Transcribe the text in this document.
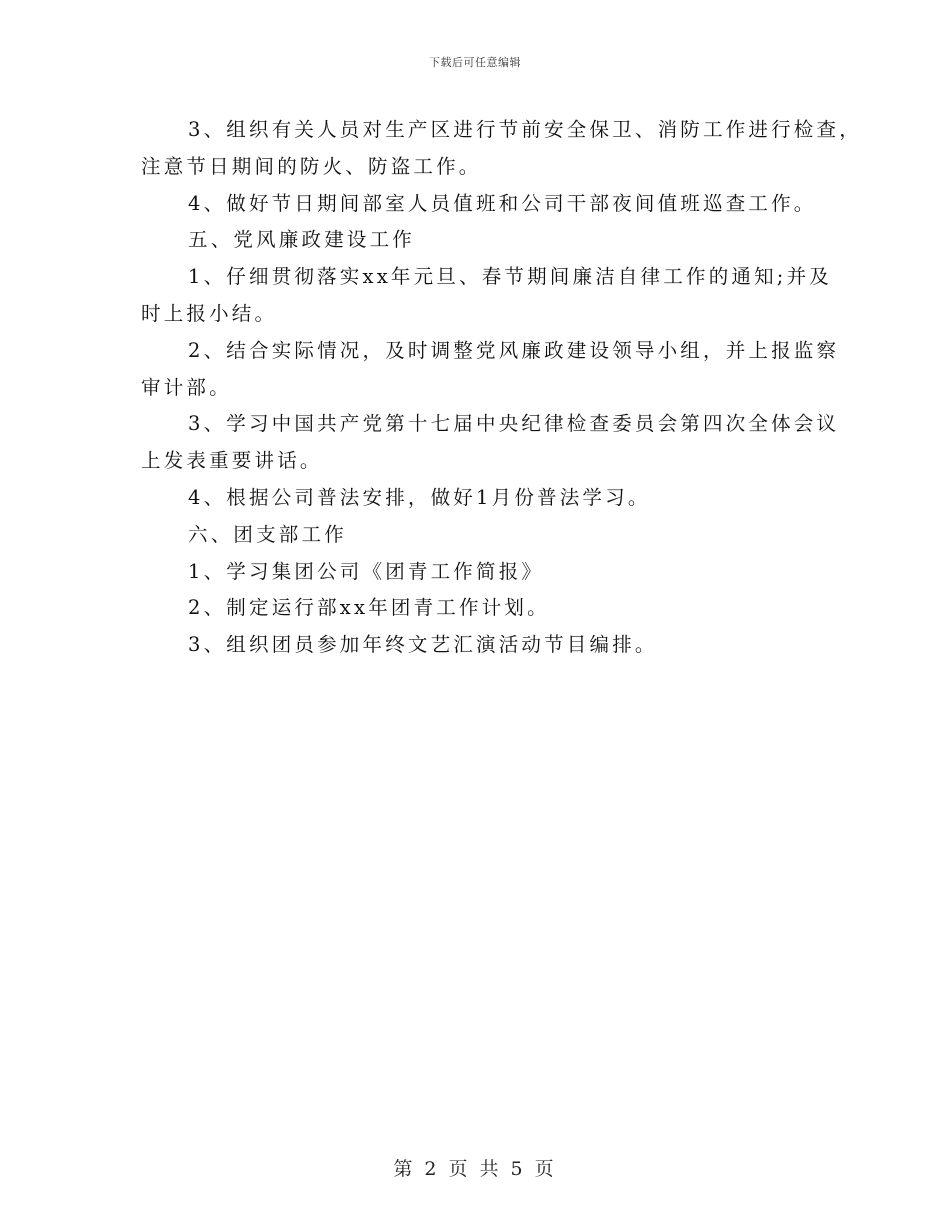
下载后可任意编辑
3、组织有关人员对生产区进行节前安全保卫、消防工作进行检查，
注意节日期间的防火、防盗工作。
4、做好节日期间部室人员值班和公司干部夜间值班巡查工作。
五、党风廉政建设工作
1、仔细贯彻落实xx年元旦、春节期间廉洁自律工作的通知;并及
时上报小结。
2、结合实际情况，及时调整党风廉政建设领导小组，并上报监察
审计部。
3、学习中国共产党第十七届中央纪律检查委员会第四次全体会议
上发表重要讲话。
4、根据公司普法安排，做好1月份普法学习。
六、团支部工作
1、学习集团公司《团青工作简报》
2、制定运行部xx年团青工作计划。
3、组织团员参加年终文艺汇演活动节目编排。
第 2 页 共 5 页
